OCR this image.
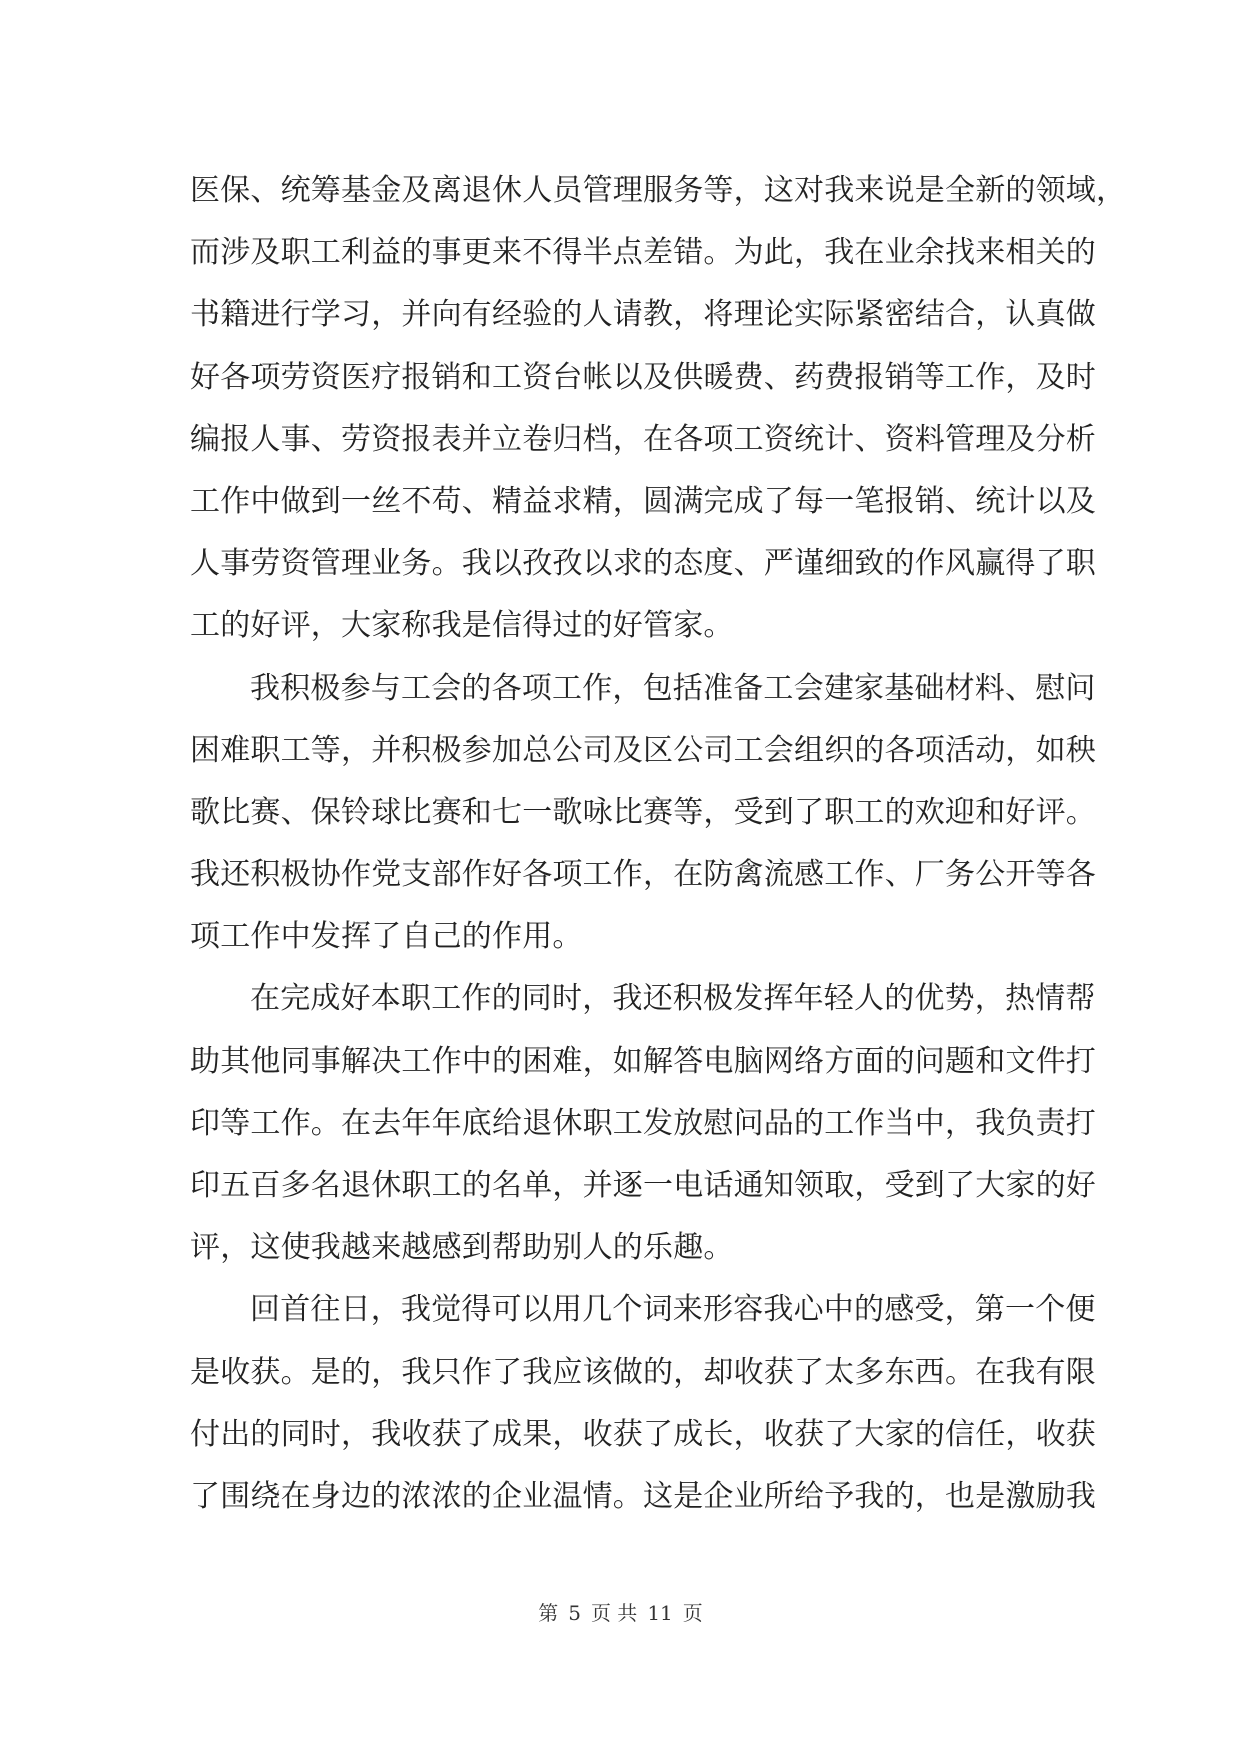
医保、统筹基金及离退休人员管理服务等，这对我来说是全新的领域，
而涉及职工利益的事更来不得半点差错。为此，我在业余找来相关的
书籍进行学习，并向有经验的人请教，将理论实际紧密结合，认真做
好各项劳资医疗报销和工资台帐以及供暖费、药费报销等工作，及时
编报人事、劳资报表并立卷归档，在各项工资统计、资料管理及分析
工作中做到一丝不苟、精益求精，圆满完成了每一笔报销、统计以及
人事劳资管理业务。我以孜孜以求的态度、严谨细致的作风赢得了职
工的好评，大家称我是信得过的好管家。
我积极参与工会的各项工作，包括准备工会建家基础材料、慰问
困难职工等，并积极参加总公司及区公司工会组织的各项活动，如秧
歌比赛、保铃球比赛和七一歌咏比赛等，受到了职工的欢迎和好评。
我还积极协作党支部作好各项工作，在防禽流感工作、厂务公开等各
项工作中发挥了自己的作用。
在完成好本职工作的同时，我还积极发挥年轻人的优势，热情帮
助其他同事解决工作中的困难，如解答电脑网络方面的问题和文件打
印等工作。在去年年底给退休职工发放慰问品的工作当中，我负责打
印五百多名退休职工的名单，并逐一电话通知领取，受到了大家的好
评，这使我越来越感到帮助别人的乐趣。
回首往日，我觉得可以用几个词来形容我心中的感受，第一个便
是收获。是的，我只作了我应该做的，却收获了太多东西。在我有限
付出的同时，我收获了成果，收获了成长，收获了大家的信任，收获
了围绕在身边的浓浓的企业温情。这是企业所给予我的，也是激励我
第 5 页 共 11 页
